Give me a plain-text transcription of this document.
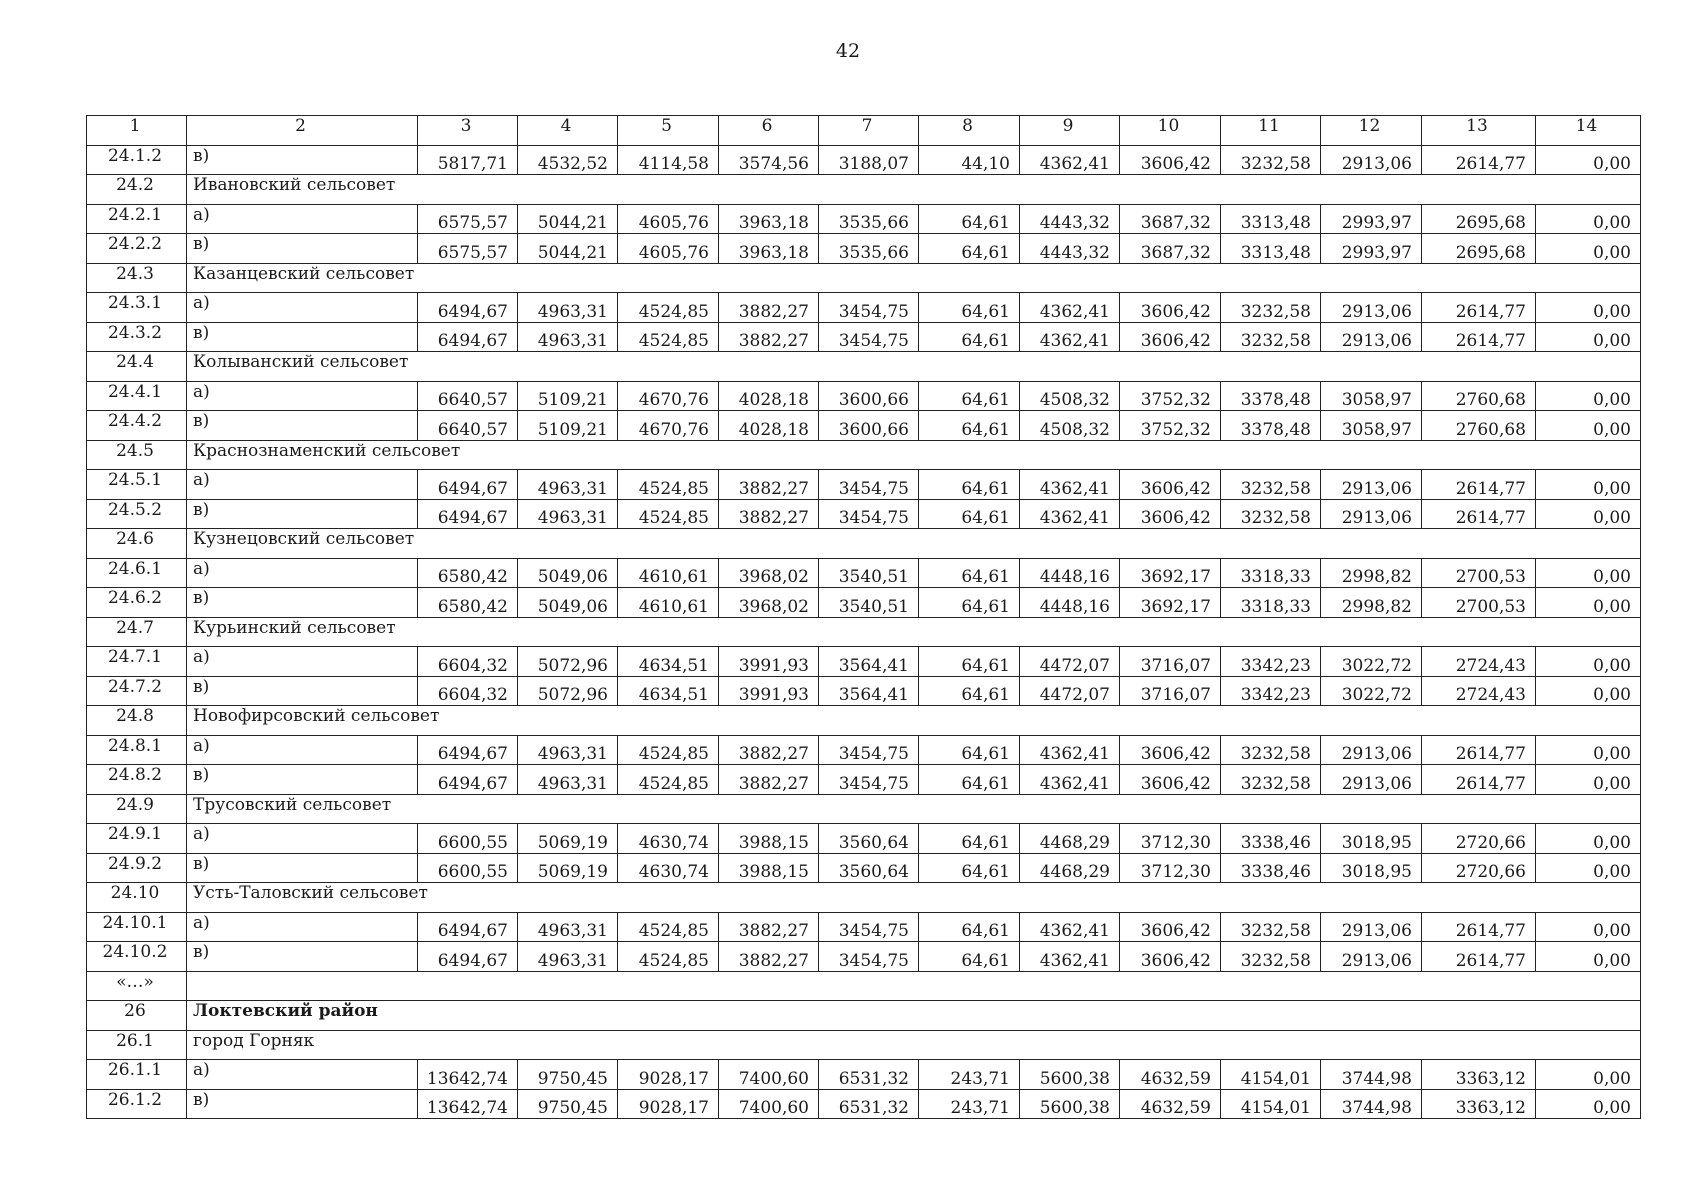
42
1	2	3	4	5	6	7	8	9	10	11	12	13	14
24.1.2	в)	5817,71	4532,52	4114,58	3574,56	3188,07	44,10	4362,41	3606,42	3232,58	2913,06	2614,77	0,00
24.2	Ивановский сельсовет												
24.2.1	а)	6575,57	5044,21	4605,76	3963,18	3535,66	64,61	4443,32	3687,32	3313,48	2993,97	2695,68	0,00
24.2.2	в)	6575,57	5044,21	4605,76	3963,18	3535,66	64,61	4443,32	3687,32	3313,48	2993,97	2695,68	0,00
24.3	Казанцевский сельсовет												
24.3.1	а)	6494,67	4963,31	4524,85	3882,27	3454,75	64,61	4362,41	3606,42	3232,58	2913,06	2614,77	0,00
24.3.2	в)	6494,67	4963,31	4524,85	3882,27	3454,75	64,61	4362,41	3606,42	3232,58	2913,06	2614,77	0,00
24.4	Колыванский сельсовет												
24.4.1	а)	6640,57	5109,21	4670,76	4028,18	3600,66	64,61	4508,32	3752,32	3378,48	3058,97	2760,68	0,00
24.4.2	в)	6640,57	5109,21	4670,76	4028,18	3600,66	64,61	4508,32	3752,32	3378,48	3058,97	2760,68	0,00
24.5	Краснознаменский сельсовет												
24.5.1	а)	6494,67	4963,31	4524,85	3882,27	3454,75	64,61	4362,41	3606,42	3232,58	2913,06	2614,77	0,00
24.5.2	в)	6494,67	4963,31	4524,85	3882,27	3454,75	64,61	4362,41	3606,42	3232,58	2913,06	2614,77	0,00
24.6	Кузнецовский сельсовет												
24.6.1	а)	6580,42	5049,06	4610,61	3968,02	3540,51	64,61	4448,16	3692,17	3318,33	2998,82	2700,53	0,00
24.6.2	в)	6580,42	5049,06	4610,61	3968,02	3540,51	64,61	4448,16	3692,17	3318,33	2998,82	2700,53	0,00
24.7	Курьинский сельсовет												
24.7.1	а)	6604,32	5072,96	4634,51	3991,93	3564,41	64,61	4472,07	3716,07	3342,23	3022,72	2724,43	0,00
24.7.2	в)	6604,32	5072,96	4634,51	3991,93	3564,41	64,61	4472,07	3716,07	3342,23	3022,72	2724,43	0,00
24.8	Новофирсовский сельсовет												
24.8.1	а)	6494,67	4963,31	4524,85	3882,27	3454,75	64,61	4362,41	3606,42	3232,58	2913,06	2614,77	0,00
24.8.2	в)	6494,67	4963,31	4524,85	3882,27	3454,75	64,61	4362,41	3606,42	3232,58	2913,06	2614,77	0,00
24.9	Трусовский сельсовет												
24.9.1	а)	6600,55	5069,19	4630,74	3988,15	3560,64	64,61	4468,29	3712,30	3338,46	3018,95	2720,66	0,00
24.9.2	в)	6600,55	5069,19	4630,74	3988,15	3560,64	64,61	4468,29	3712,30	3338,46	3018,95	2720,66	0,00
24.10	Усть-Таловский сельсовет												
24.10.1	а)	6494,67	4963,31	4524,85	3882,27	3454,75	64,61	4362,41	3606,42	3232,58	2913,06	2614,77	0,00
24.10.2	в)	6494,67	4963,31	4524,85	3882,27	3454,75	64,61	4362,41	3606,42	3232,58	2913,06	2614,77	0,00
«…»													
26	Локтевский район												
26.1	город Горняк												
26.1.1	а)	13642,74	9750,45	9028,17	7400,60	6531,32	243,71	5600,38	4632,59	4154,01	3744,98	3363,12	0,00
26.1.2	в)	13642,74	9750,45	9028,17	7400,60	6531,32	243,71	5600,38	4632,59	4154,01	3744,98	3363,12	0,00
